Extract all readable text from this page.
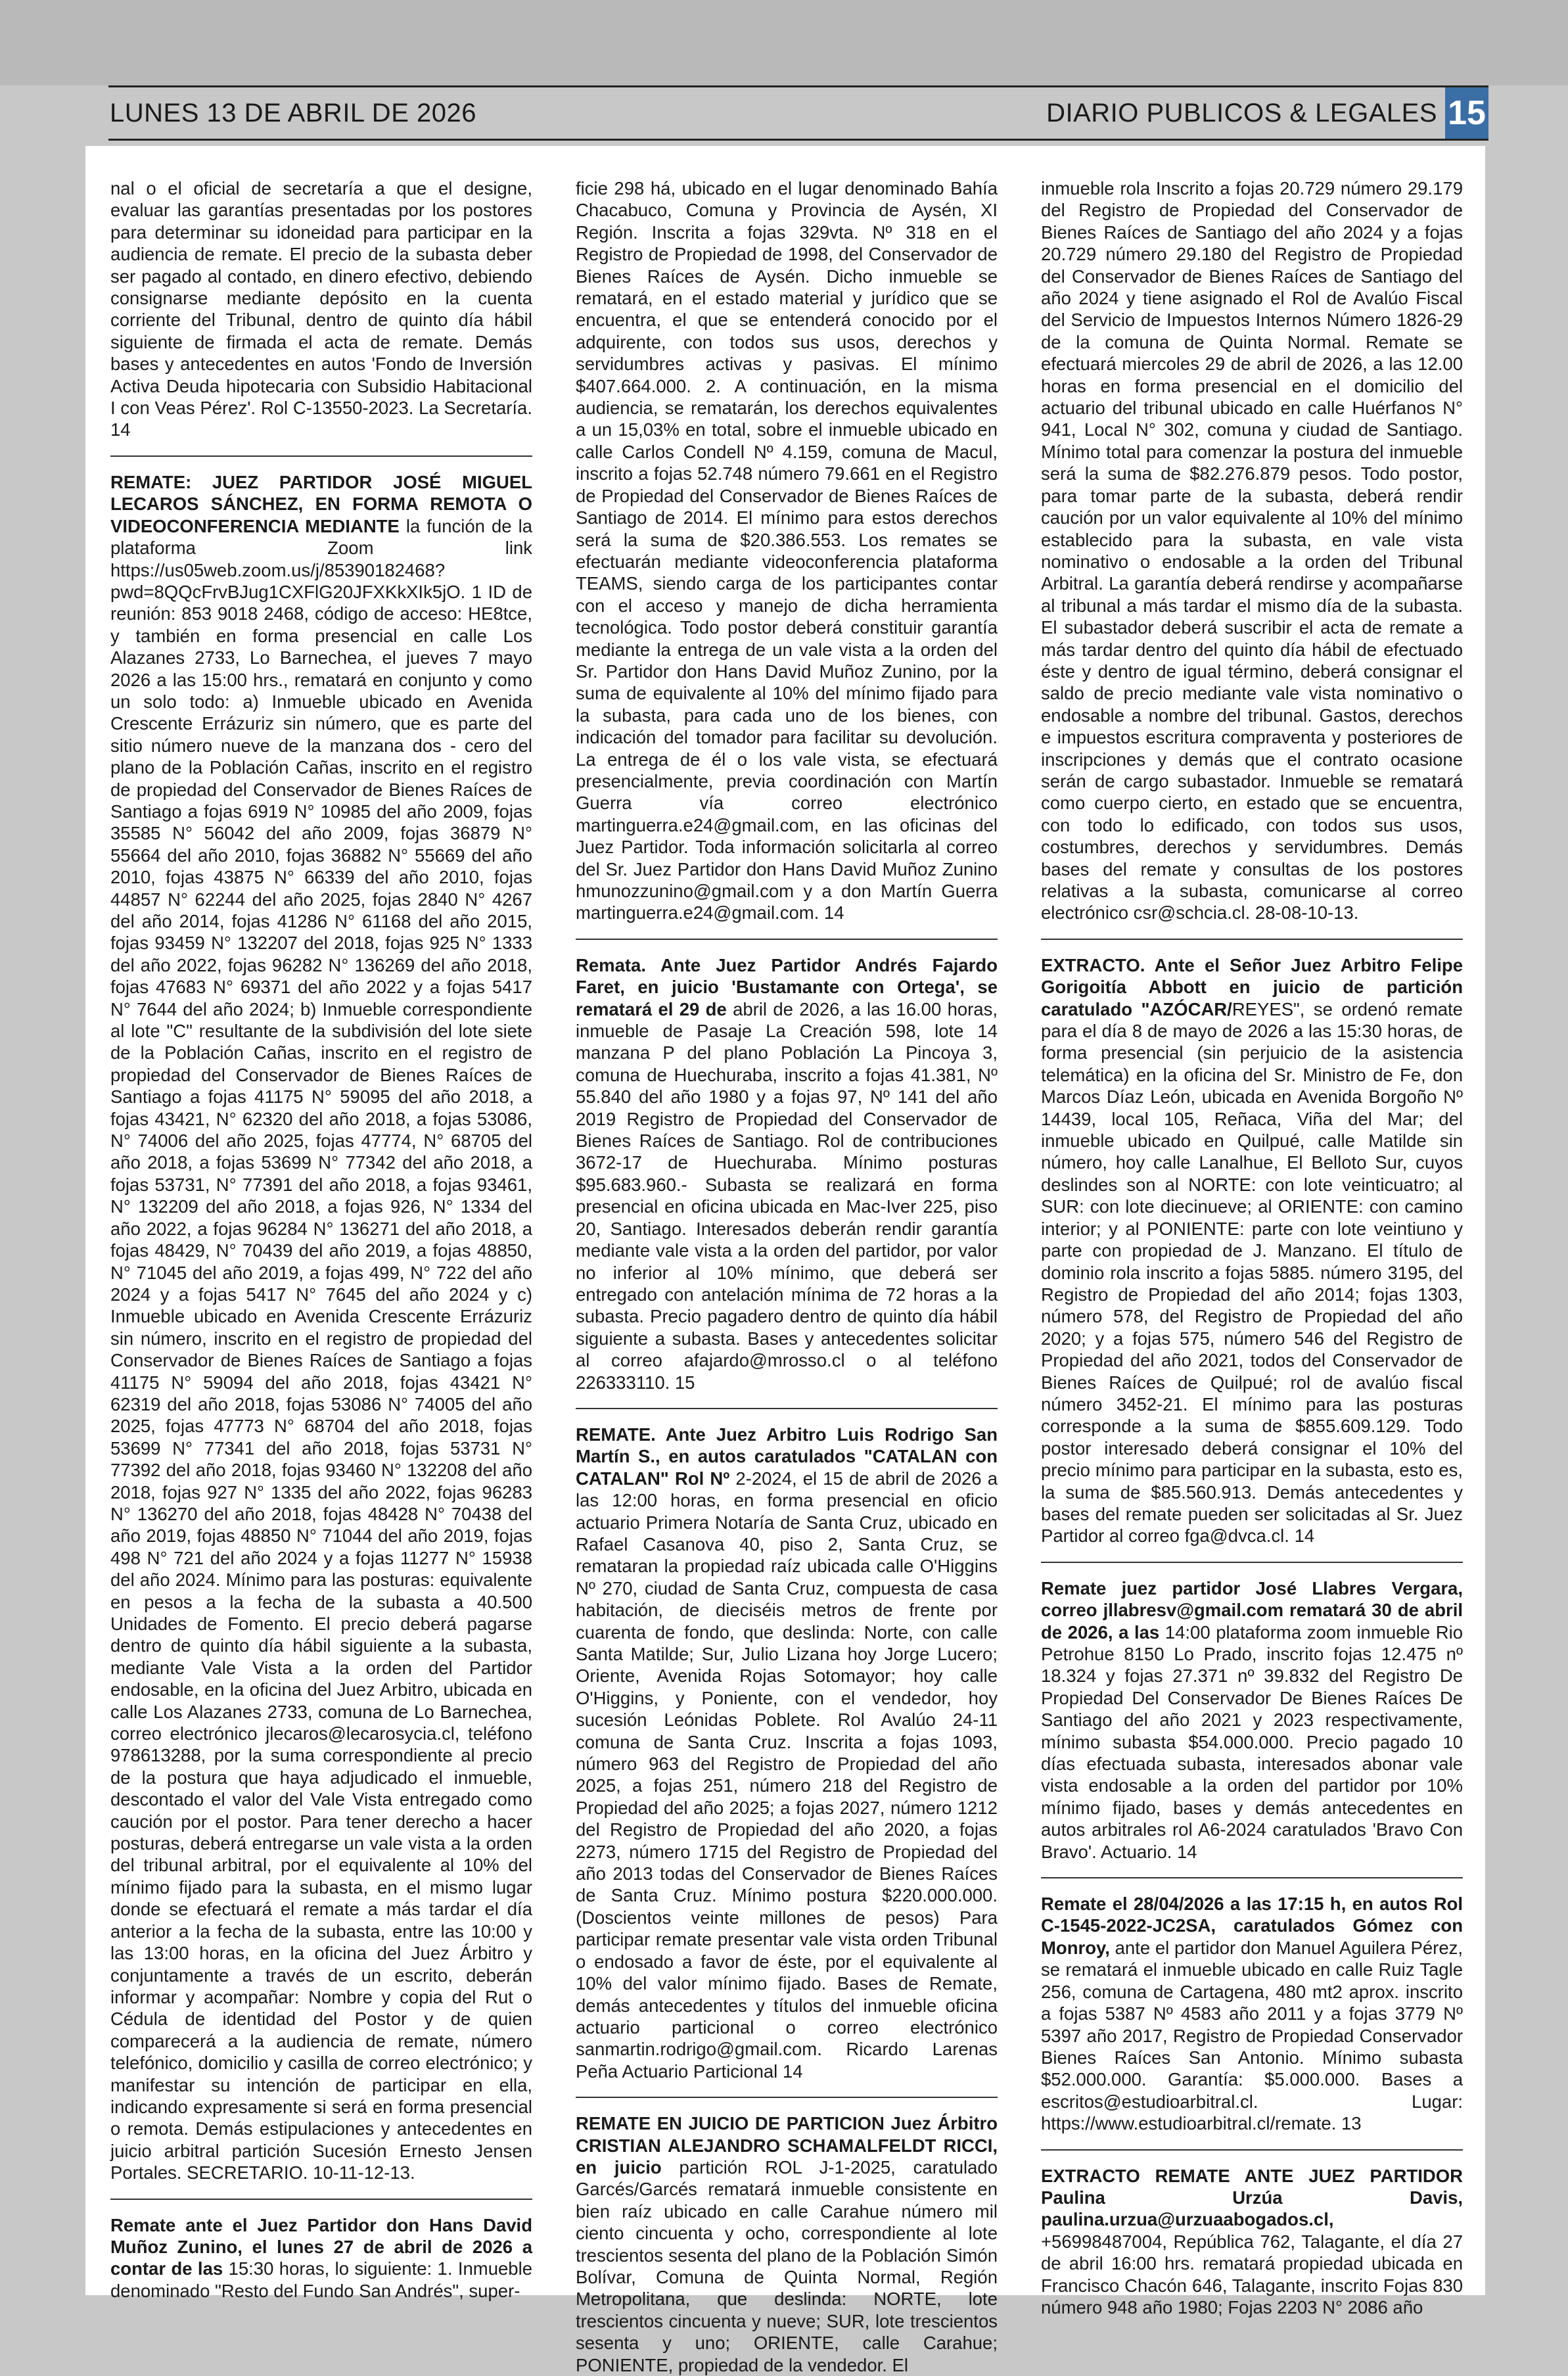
LUNES 13 DE ABRIL DE 2026	DIARIO PUBLICOS & LEGALES 15

nal o el oficial de secretaría a que el designe, evaluar las garantías presentadas por los postores para determinar su idoneidad para participar en la audiencia de remate. El precio de la subasta deber ser pagado al contado, en dinero efectivo, debiendo consignarse mediante depósito en la cuenta corriente del Tribunal, dentro de quinto día hábil siguiente de firmada el acta de remate. Demás bases y antecedentes en autos 'Fondo de Inversión Activa Deuda hipotecaria con Subsidio Habitacional I con Veas Pérez'. Rol C-13550-2023. La Secretaría. 14

REMATE: JUEZ PARTIDOR JOSÉ MIGUEL LECAROS SÁNCHEZ, EN FORMA REMOTA O VIDEOCONFERENCIA MEDIANTE la función de la plataforma Zoom link https://us05web.zoom.us/j/85390182468?pwd=8QQcFrvBJug1CXFlG20JFXKkXIk5jO. 1 ID de reunión: 853 9018 2468, código de acceso: HE8tce, y también en forma presencial en calle Los Alazanes 2733, Lo Barnechea, el jueves 7 mayo 2026 a las 15:00 hrs., rematará en conjunto y como un solo todo: a) Inmueble ubicado en Avenida Crescente Errázuriz sin número, que es parte del sitio número nueve de la manzana dos - cero del plano de la Población Cañas, inscrito en el registro de propiedad del Conservador de Bienes Raíces de Santiago a fojas 6919 N° 10985 del año 2009, fojas 35585 N° 56042 del año 2009, fojas 36879 N° 55664 del año 2010, fojas 36882 N° 55669 del año 2010, fojas 43875 N° 66339 del año 2010, fojas 44857 N° 62244 del año 2025, fojas 2840 N° 4267 del año 2014, fojas 41286 N° 61168 del año 2015, fojas 93459 N° 132207 del 2018, fojas 925 N° 1333 del año 2022, fojas 96282 N° 136269 del año 2018, fojas 47683 N° 69371 del año 2022 y a fojas 5417 N° 7644 del año 2024; b) Inmueble correspondiente al lote "C" resultante de la subdivisión del lote siete de la Población Cañas, inscrito en el registro de propiedad del Conservador de Bienes Raíces de Santiago a fojas 41175 N° 59095 del año 2018, a fojas 43421, N° 62320 del año 2018, a fojas 53086, N° 74006 del año 2025, fojas 47774, N° 68705 del año 2018, a fojas 53699 N° 77342 del año 2018, a fojas 53731, N° 77391 del año 2018, a fojas 93461, N° 132209 del año 2018, a fojas 926, N° 1334 del año 2022, a fojas 96284 N° 136271 del año 2018, a fojas 48429, N° 70439 del año 2019, a fojas 48850, N° 71045 del año 2019, a fojas 499, N° 722 del año 2024 y a fojas 5417 N° 7645 del año 2024 y c) Inmueble ubicado en Avenida Crescente Errázuriz sin número, inscrito en el registro de propiedad del Conservador de Bienes Raíces de Santiago a fojas 41175 N° 59094 del año 2018, fojas 43421 N° 62319 del año 2018, fojas 53086 N° 74005 del año 2025, fojas 47773 N° 68704 del año 2018, fojas 53699 N° 77341 del año 2018, fojas 53731 N° 77392 del año 2018, fojas 93460 N° 132208 del año 2018, fojas 927 N° 1335 del año 2022, fojas 96283 N° 136270 del año 2018, fojas 48428 N° 70438 del año 2019, fojas 48850 N° 71044 del año 2019, fojas 498 N° 721 del año 2024 y a fojas 11277 N° 15938 del año 2024. Mínimo para las posturas: equivalente en pesos a la fecha de la subasta a 40.500 Unidades de Fomento. El precio deberá pagarse dentro de quinto día hábil siguiente a la subasta, mediante Vale Vista a la orden del Partidor endosable, en la oficina del Juez Arbitro, ubicada en calle Los Alazanes 2733, comuna de Lo Barnechea, correo electrónico jlecaros@lecarosycia.cl, teléfono 978613288, por la suma correspondiente al precio de la postura que haya adjudicado el inmueble, descontado el valor del Vale Vista entregado como caución por el postor. Para tener derecho a hacer posturas, deberá entregarse un vale vista a la orden del tribunal arbitral, por el equivalente al 10% del mínimo fijado para la subasta, en el mismo lugar donde se efectuará el remate a más tardar el día anterior a la fecha de la subasta, entre las 10:00 y las 13:00 horas, en la oficina del Juez Árbitro y conjuntamente a través de un escrito, deberán informar y acompañar: Nombre y copia del Rut o Cédula de identidad del Postor y de quien comparecerá a la audiencia de remate, número telefónico, domicilio y casilla de correo electrónico; y manifestar su intención de participar en ella, indicando expresamente si será en forma presencial o remota. Demás estipulaciones y antecedentes en juicio arbitral partición Sucesión Ernesto Jensen Portales. SECRETARIO. 10-11-12-13.

Remate ante el Juez Partidor don Hans David Muñoz Zunino, el lunes 27 de abril de 2026 a contar de las 15:30 horas, lo siguiente: 1. Inmueble denominado "Resto del Fundo San Andrés", super-

ficie 298 há, ubicado en el lugar denominado Bahía Chacabuco, Comuna y Provincia de Aysén, XI Región. Inscrita a fojas 329vta. Nº 318 en el Registro de Propiedad de 1998, del Conservador de Bienes Raíces de Aysén. Dicho inmueble se rematará, en el estado material y jurídico que se encuentra, el que se entenderá conocido por el adquirente, con todos sus usos, derechos y servidumbres activas y pasivas. El mínimo $407.664.000. 2. A continuación, en la misma audiencia, se rematarán, los derechos equivalentes a un 15,03% en total, sobre el inmueble ubicado en calle Carlos Condell Nº 4.159, comuna de Macul, inscrito a fojas 52.748 número 79.661 en el Registro de Propiedad del Conservador de Bienes Raíces de Santiago de 2014. El mínimo para estos derechos será la suma de $20.386.553. Los remates se efectuarán mediante videoconferencia plataforma TEAMS, siendo carga de los participantes contar con el acceso y manejo de dicha herramienta tecnológica. Todo postor deberá constituir garantía mediante la entrega de un vale vista a la orden del Sr. Partidor don Hans David Muñoz Zunino, por la suma de equivalente al 10% del mínimo fijado para la subasta, para cada uno de los bienes, con indicación del tomador para facilitar su devolución. La entrega de él o los vale vista, se efectuará presencialmente, previa coordinación con Martín Guerra vía correo electrónico martinguerra.e24@gmail.com, en las oficinas del Juez Partidor. Toda información solicitarla al correo del Sr. Juez Partidor don Hans David Muñoz Zunino hmunozzunino@gmail.com y a don Martín Guerra martinguerra.e24@gmail.com. 14

Remata. Ante Juez Partidor Andrés Fajardo Faret, en juicio 'Bustamante con Ortega', se rematará el 29 de abril de 2026, a las 16.00 horas, inmueble de Pasaje La Creación 598, lote 14 manzana P del plano Población La Pincoya 3, comuna de Huechuraba, inscrito a fojas 41.381, Nº 55.840 del año 1980 y a fojas 97, Nº 141 del año 2019 Registro de Propiedad del Conservador de Bienes Raíces de Santiago. Rol de contribuciones 3672-17 de Huechuraba. Mínimo posturas $95.683.960.- Subasta se realizará en forma presencial en oficina ubicada en Mac-Iver 225, piso 20, Santiago. Interesados deberán rendir garantía mediante vale vista a la orden del partidor, por valor no inferior al 10% mínimo, que deberá ser entregado con antelación mínima de 72 horas a la subasta. Precio pagadero dentro de quinto día hábil siguiente a subasta. Bases y antecedentes solicitar al correo afajardo@mrosso.cl o al teléfono 226333110. 15

REMATE. Ante Juez Arbitro Luis Rodrigo San Martín S., en autos caratulados "CATALAN con CATALAN" Rol Nº 2-2024, el 15 de abril de 2026 a las 12:00 horas, en forma presencial en oficio actuario Primera Notaría de Santa Cruz, ubicado en Rafael Casanova 40, piso 2, Santa Cruz, se remataran la propiedad raíz ubicada calle O'Higgins Nº 270, ciudad de Santa Cruz, compuesta de casa habitación, de dieciséis metros de frente por cuarenta de fondo, que deslinda: Norte, con calle Santa Matilde; Sur, Julio Lizana hoy Jorge Lucero; Oriente, Avenida Rojas Sotomayor; hoy calle O'Higgins, y Poniente, con el vendedor, hoy sucesión Leónidas Poblete. Rol Avalúo 24-11 comuna de Santa Cruz. Inscrita a fojas 1093, número 963 del Registro de Propiedad del año 2025, a fojas 251, número 218 del Registro de Propiedad del año 2025; a fojas 2027, número 1212 del Registro de Propiedad del año 2020, a fojas 2273, número 1715 del Registro de Propiedad del año 2013 todas del Conservador de Bienes Raíces de Santa Cruz. Mínimo postura $220.000.000. (Doscientos veinte millones de pesos) Para participar remate presentar vale vista orden Tribunal o endosado a favor de éste, por el equivalente al 10% del valor mínimo fijado. Bases de Remate, demás antecedentes y títulos del inmueble oficina actuario particional o correo electrónico sanmartin.rodrigo@gmail.com. Ricardo Larenas Peña Actuario Particional 14

REMATE EN JUICIO DE PARTICION Juez Árbitro CRISTIAN ALEJANDRO SCHAMALFELDT RICCI, en juicio partición ROL J-1-2025, caratulado Garcés/Garcés rematará inmueble consistente en bien raíz ubicado en calle Carahue número mil ciento cincuenta y ocho, correspondiente al lote trescientos sesenta del plano de la Población Simón Bolívar, Comuna de Quinta Normal, Región Metropolitana, que deslinda: NORTE, lote trescientos cincuenta y nueve; SUR, lote trescientos sesenta y uno; ORIENTE, calle Carahue; PONIENTE, propiedad de la vendedor. El

inmueble rola Inscrito a fojas 20.729 número 29.179 del Registro de Propiedad del Conservador de Bienes Raíces de Santiago del año 2024 y a fojas 20.729 número 29.180 del Registro de Propiedad del Conservador de Bienes Raíces de Santiago del año 2024 y tiene asignado el Rol de Avalúo Fiscal del Servicio de Impuestos Internos Número 1826-29 de la comuna de Quinta Normal. Remate se efectuará miercoles 29 de abril de 2026, a las 12.00 horas en forma presencial en el domicilio del actuario del tribunal ubicado en calle Huérfanos N° 941, Local N° 302, comuna y ciudad de Santiago. Mínimo total para comenzar la postura del inmueble será la suma de $82.276.879 pesos. Todo postor, para tomar parte de la subasta, deberá rendir caución por un valor equivalente al 10% del mínimo establecido para la subasta, en vale vista nominativo o endosable a la orden del Tribunal Arbitral. La garantía deberá rendirse y acompañarse al tribunal a más tardar el mismo día de la subasta. El subastador deberá suscribir el acta de remate a más tardar dentro del quinto día hábil de efectuado éste y dentro de igual término, deberá consignar el saldo de precio mediante vale vista nominativo o endosable a nombre del tribunal. Gastos, derechos e impuestos escritura compraventa y posteriores de inscripciones y demás que el contrato ocasione serán de cargo subastador. Inmueble se rematará como cuerpo cierto, en estado que se encuentra, con todo lo edificado, con todos sus usos, costumbres, derechos y servidumbres. Demás bases del remate y consultas de los postores relativas a la subasta, comunicarse al correo electrónico csr@schcia.cl. 28-08-10-13.

EXTRACTO. Ante el Señor Juez Arbitro Felipe Gorigoitía Abbott en juicio de partición caratulado "AZÓCAR/REYES", se ordenó remate para el día 8 de mayo de 2026 a las 15:30 horas, de forma presencial (sin perjuicio de la asistencia telemática) en la oficina del Sr. Ministro de Fe, don Marcos Díaz León, ubicada en Avenida Borgoño Nº 14439, local 105, Reñaca, Viña del Mar; del inmueble ubicado en Quilpué, calle Matilde sin número, hoy calle Lanalhue, El Belloto Sur, cuyos deslindes son al NORTE: con lote veinticuatro; al SUR: con lote diecinueve; al ORIENTE: con camino interior; y al PONIENTE: parte con lote veintiuno y parte con propiedad de J. Manzano. El título de dominio rola inscrito a fojas 5885. número 3195, del Registro de Propiedad del año 2014; fojas 1303, número 578, del Registro de Propiedad del año 2020; y a fojas 575, número 546 del Registro de Propiedad del año 2021, todos del Conservador de Bienes Raíces de Quilpué; rol de avalúo fiscal número 3452-21. El mínimo para las posturas corresponde a la suma de $855.609.129. Todo postor interesado deberá consignar el 10% del precio mínimo para participar en la subasta, esto es, la suma de $85.560.913. Demás antecedentes y bases del remate pueden ser solicitadas al Sr. Juez Partidor al correo fga@dvca.cl. 14

Remate juez partidor José Llabres Vergara, correo jllabresv@gmail.com rematará 30 de abril de 2026, a las 14:00 plataforma zoom inmueble Rio Petrohue 8150 Lo Prado, inscrito fojas 12.475 nº 18.324 y fojas 27.371 nº 39.832 del Registro De Propiedad Del Conservador De Bienes Raíces De Santiago del año 2021 y 2023 respectivamente, mínimo subasta $54.000.000. Precio pagado 10 días efectuada subasta, interesados abonar vale vista endosable a la orden del partidor por 10% mínimo fijado, bases y demás antecedentes en autos arbitrales rol A6-2024 caratulados 'Bravo Con Bravo'. Actuario. 14

Remate el 28/04/2026 a las 17:15 h, en autos Rol C-1545-2022-JC2SA, caratulados Gómez con Monroy, ante el partidor don Manuel Aguilera Pérez, se rematará el inmueble ubicado en calle Ruiz Tagle 256, comuna de Cartagena, 480 mt2 aprox. inscrito a fojas 5387 Nº 4583 año 2011 y a fojas 3779 Nº 5397 año 2017, Registro de Propiedad Conservador Bienes Raíces San Antonio. Mínimo subasta $52.000.000. Garantía: $5.000.000. Bases a escritos@estudioarbitral.cl. Lugar: https://www.estudioarbitral.cl/remate. 13

EXTRACTO REMATE ANTE JUEZ PARTIDOR Paulina Urzúa Davis, paulina.urzua@urzuaabogados.cl, +56998487004, República 762, Talagante, el día 27 de abril 16:00 hrs. rematará propiedad ubicada en Francisco Chacón 646, Talagante, inscrito Fojas 830 número 948 año 1980; Fojas 2203 N° 2086 año
